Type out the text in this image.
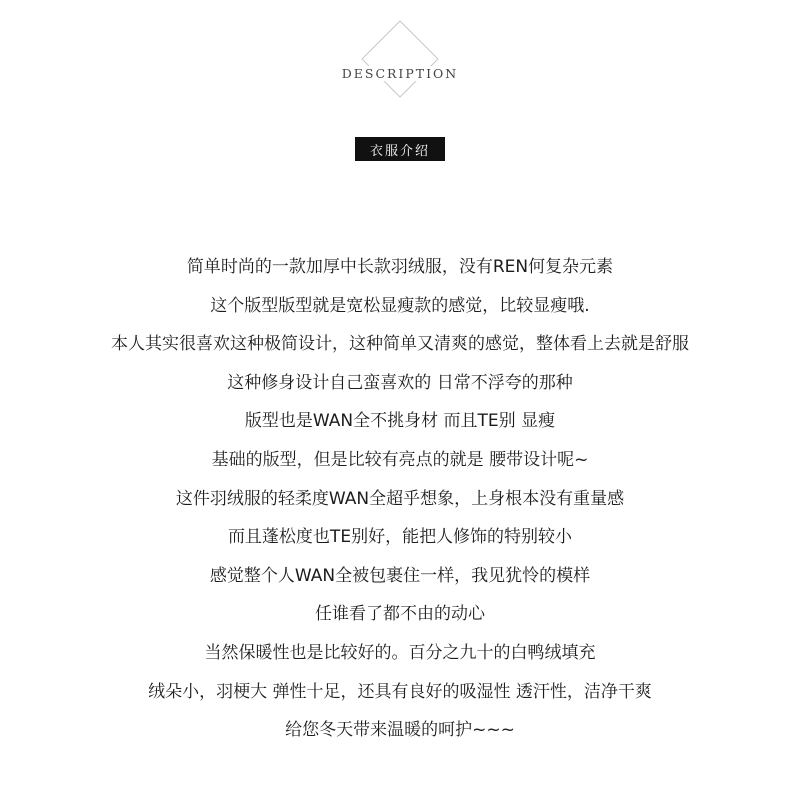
DESCRIPTION
衣服介绍
简单时尚的一款加厚中长款羽绒服，没有REN何复杂元素
这个版型版型就是宽松显瘦款的感觉，比较显瘦哦.
本人其实很喜欢这种极简设计，这种简单又清爽的感觉，整体看上去就是舒服
这种修身设计自己蛮喜欢的 日常不浮夸的那种
版型也是WAN全不挑身材 而且TE别 显瘦
基础的版型，但是比较有亮点的就是 腰带设计呢~
这件羽绒服的轻柔度WAN全超乎想象，上身根本没有重量感
而且蓬松度也TE别好，能把人修饰的特别较小
感觉整个人WAN全被包裹住一样，我见犹怜的模样
任谁看了都不由的动心
当然保暖性也是比较好的。百分之九十的白鸭绒填充
绒朵小，羽梗大 弹性十足，还具有良好的吸湿性 透汗性，洁净干爽
给您冬天带来温暖的呵护~~~
